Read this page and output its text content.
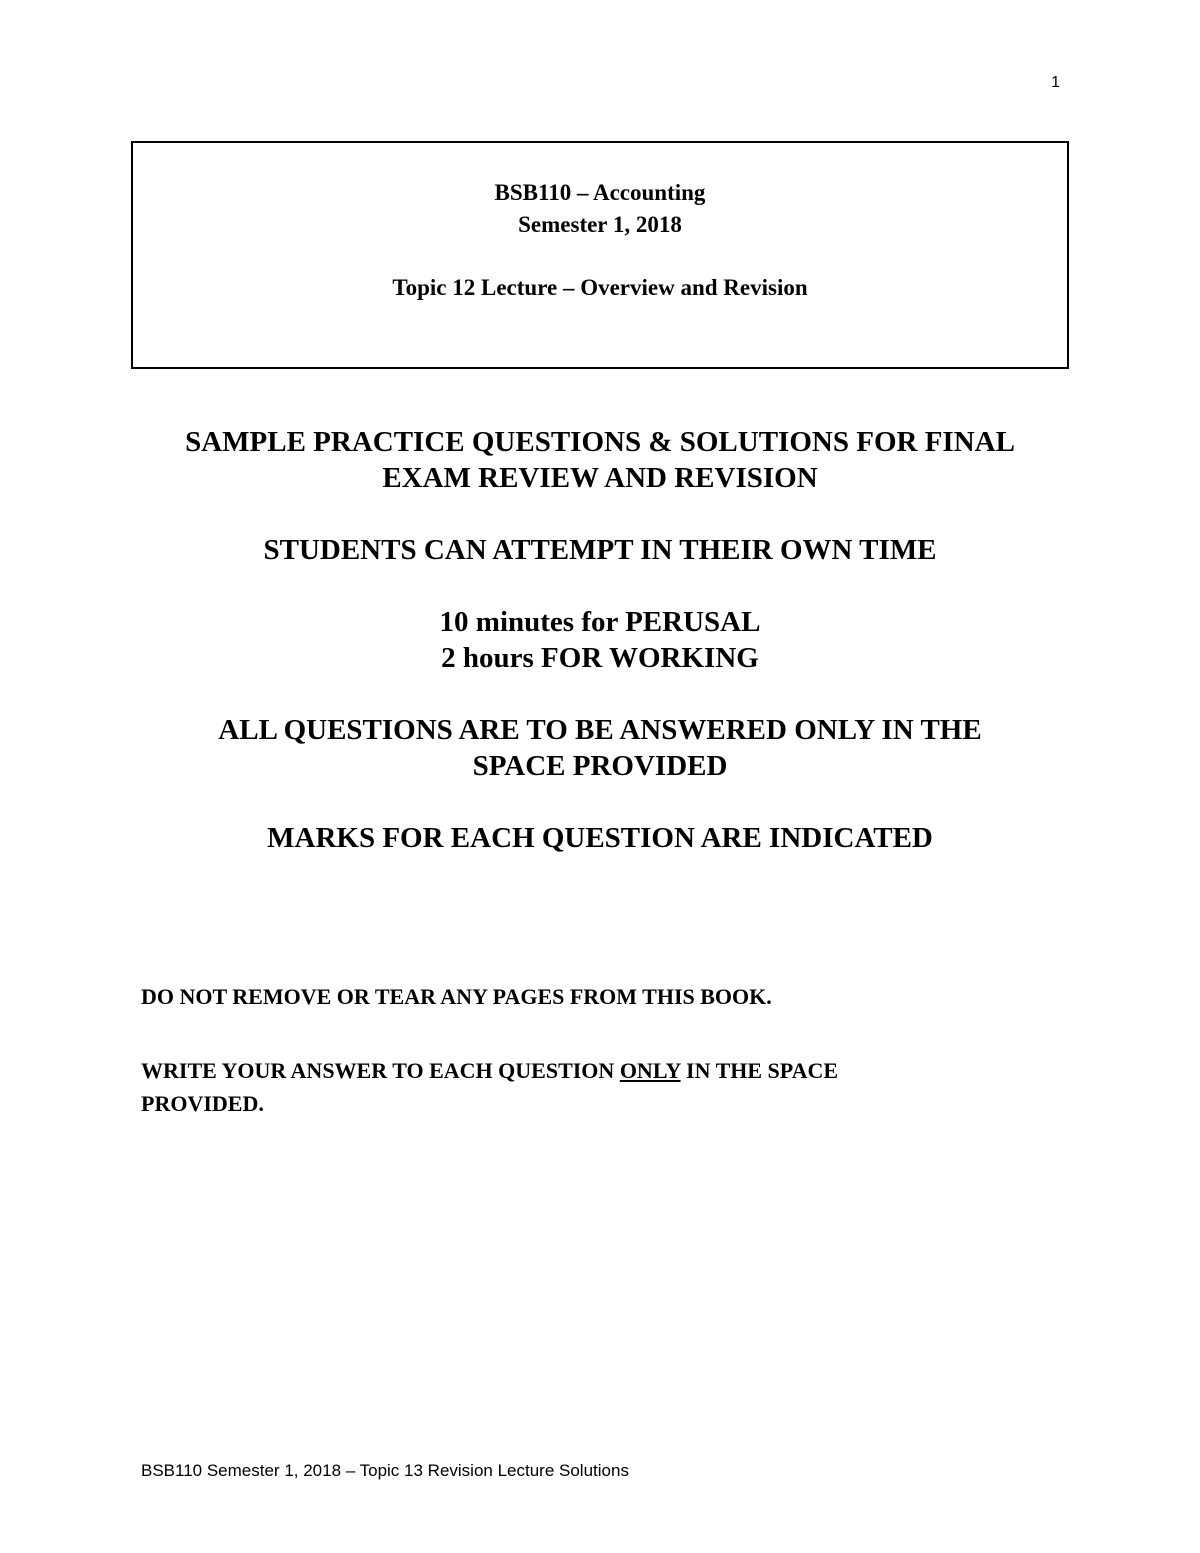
1
BSB110 – Accounting
Semester 1, 2018
Topic 12 Lecture – Overview and Revision
SAMPLE PRACTICE QUESTIONS & SOLUTIONS FOR FINAL
EXAM REVIEW AND REVISION
STUDENTS CAN ATTEMPT IN THEIR OWN TIME
10 minutes for PERUSAL
2 hours FOR WORKING
ALL QUESTIONS ARE TO BE ANSWERED ONLY IN THE
SPACE PROVIDED
MARKS FOR EACH QUESTION ARE INDICATED
DO NOT REMOVE OR TEAR ANY PAGES FROM THIS BOOK.
WRITE YOUR ANSWER TO EACH QUESTION ONLY IN THE SPACE
PROVIDED.
BSB110 Semester 1, 2018 – Topic 13 Revision Lecture Solutions
